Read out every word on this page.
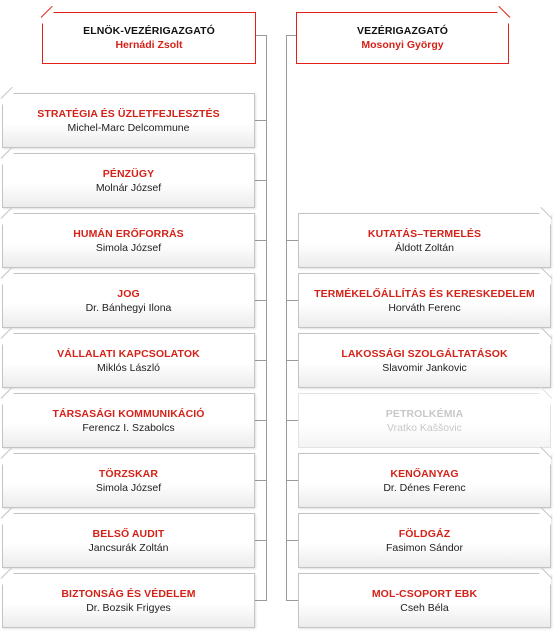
ELNÖK-VEZÉRIGAZGATÓ
Hernádi Zsolt
VEZÉRIGAZGATÓ
Mosonyi György
STRATÉGIA ÉS ÜZLETFEJLESZTÉS
Michel-Marc Delcommune
PÉNZÜGY
Molnár József
HUMÁN ERŐFORRÁS
Simola József
JOG
Dr. Bánhegyi Ilona
VÁLLALATI KAPCSOLATOK
Miklós László
TÁRSASÁGI KOMMUNIKÁCIÓ
Ferencz I. Szabolcs
TÖRZSKAR
Simola József
BELSŐ AUDIT
Jancsurák Zoltán
BIZTONSÁG ÉS VÉDELEM
Dr. Bozsik Frigyes
KUTATÁS–TERMELÉS
Áldott Zoltán
TERMÉKELŐÁLLÍTÁS ÉS KERESKEDELEM
Horváth Ferenc
LAKOSSÁGI SZOLGÁLTATÁSOK
Slavomir Jankovic
PETROLKÉMIA
Vratko Kaššovic
KENŐANYAG
Dr. Dénes Ferenc
FÖLDGÁZ
Fasimon Sándor
MOL-CSOPORT EBK
Cseh Béla
